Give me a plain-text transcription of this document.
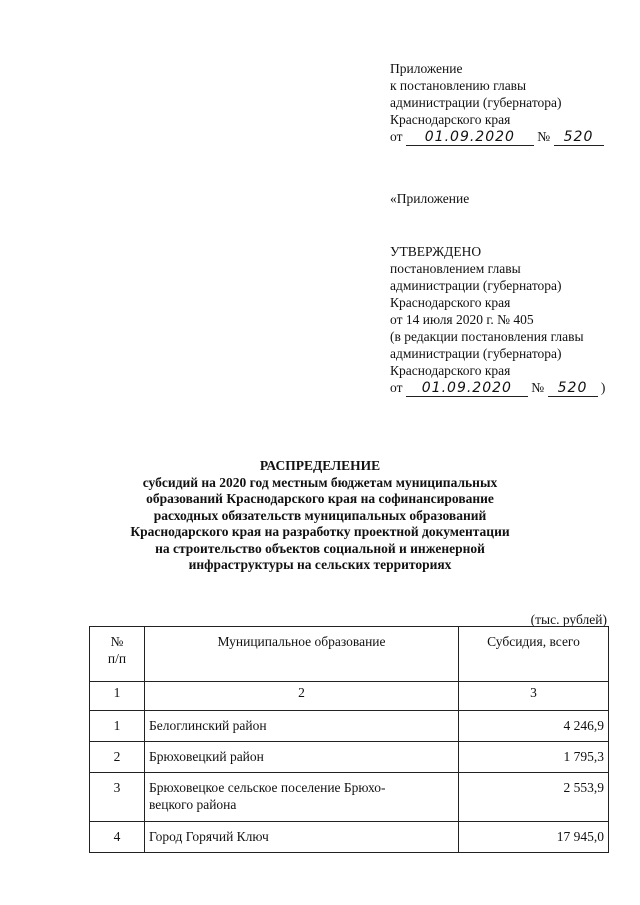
Приложение
к постановлению главы
администрации (губернатора)
Краснодарского края
от 01.09.2020 № 520
«Приложение
УТВЕРЖДЕНО
постановлением главы
администрации (губернатора)
Краснодарского края
от 14 июля 2020 г. № 405
(в редакции постановления главы
администрации (губернатора)
Краснодарского края
от 01.09.2020 № 520 )
РАСПРЕДЕЛЕНИЕ
субсидий на 2020 год местным бюджетам муниципальных
образований Краснодарского края на софинансирование
расходных обязательств муниципальных образований
Краснодарского края на разработку проектной документации
на строительство объектов социальной и инженерной
инфраструктуры на сельских территориях
(тыс. рублей)
№
п/п	Муниципальное образование	Субсидия, всего
1	2	3
1	Белоглинский район	4 246,9
2	Брюховецкий район	1 795,3
3	Брюховецкое сельское поселение Брюхо-
вецкого района	2 553,9
4	Город Горячий Ключ	17 945,0
